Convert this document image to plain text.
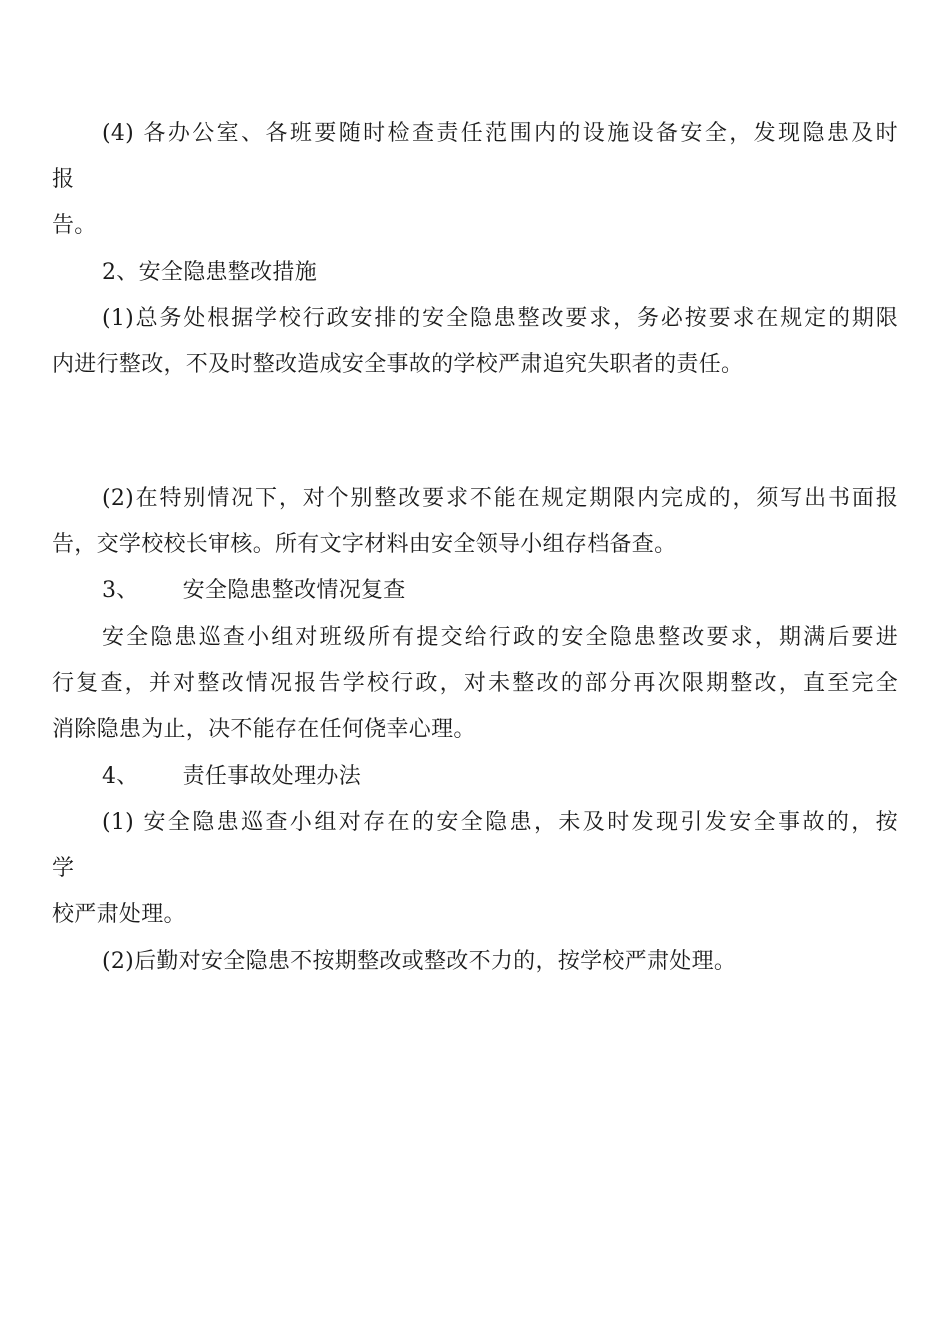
(4) 各办公室、各班要随时检查责任范围内的设施设备安全，发现隐患及时
报
告。
2、安全隐患整改措施
(1)总务处根据学校行政安排的安全隐患整改要求，务必按要求在规定的期限
内进行整改，不及时整改造成安全事故的学校严肃追究失职者的责任。
(2)在特别情况下，对个别整改要求不能在规定期限内完成的，须写出书面报
告，交学校校长审核。所有文字材料由安全领导小组存档备查。
3、 安全隐患整改情况复查
安全隐患巡查小组对班级所有提交给行政的安全隐患整改要求，期满后要进
行复查，并对整改情况报告学校行政，对未整改的部分再次限期整改，直至完全
消除隐患为止，决不能存在任何侥幸心理。
4、 责任事故处理办法
(1) 安全隐患巡查小组对存在的安全隐患，未及时发现引发安全事故的，按
学
校严肃处理。
(2)后勤对安全隐患不按期整改或整改不力的，按学校严肃处理。
